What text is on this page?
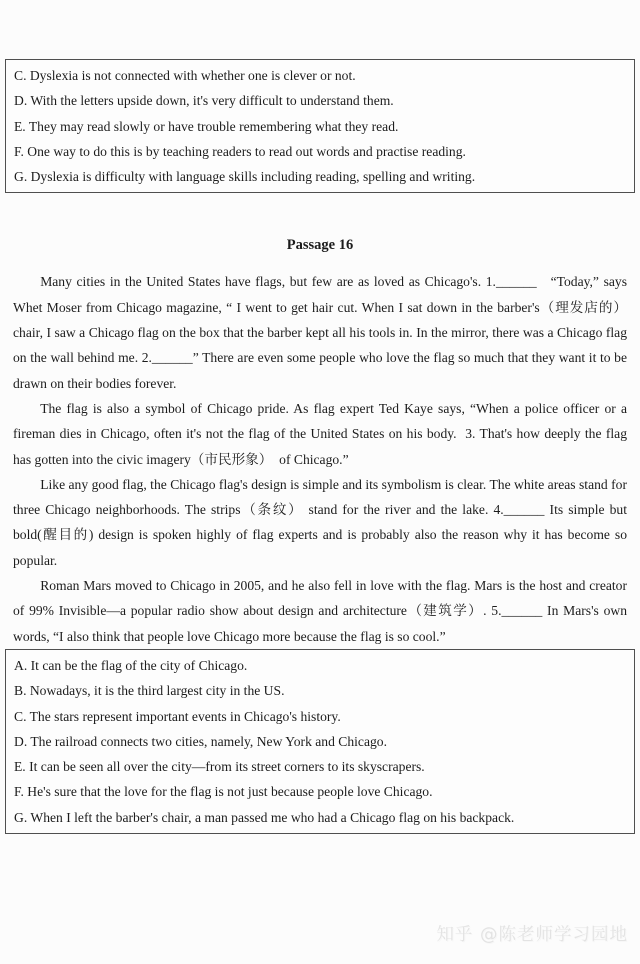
C. Dyslexia is not connected with whether one is clever or not.
D. With the letters upside down, it's very difficult to understand them.
E. They may read slowly or have trouble remembering what they read.
F. One way to do this is by teaching readers to read out words and practise reading.
G. Dyslexia is difficulty with language skills including reading, spelling and writing.
Passage 16

Many cities in the United States have flags, but few are as loved as Chicago's. 1.______   “Today,” says Whet Moser from Chicago magazine, “ I went to get hair cut. When I sat down in the barber's（理发店的） chair, I saw a Chicago flag on the box that the barber kept all his tools in. In the mirror, there was a Chicago flag on the wall behind me. 2.______” There are even some people who love the flag so much that they want it to be drawn on their bodies forever.

The flag is also a symbol of Chicago pride. As flag expert Ted Kaye says, “When a police officer or a fireman dies in Chicago, often it's not the flag of the United States on his body.  3. That's how deeply the flag has gotten into the civic imagery（市民形象）  of Chicago.”

Like any good flag, the Chicago flag's design is simple and its symbolism is clear. The white areas stand for three Chicago neighborhoods. The strips（条纹） stand for the river and the lake. 4.______ Its simple but bold(醒目的) design is spoken highly of flag experts and is probably also the reason why it has become so popular.

Roman Mars moved to Chicago in 2005, and he also fell in love with the flag. Mars is the host and creator of 99% Invisible—a popular radio show about design and architecture（建筑学）. 5.______ In Mars's own words, “I also think that people love Chicago more because the flag is so cool.”

A. It can be the flag of the city of Chicago.
B. Nowadays, it is the third largest city in the US.
C. The stars represent important events in Chicago's history.
D. The railroad connects two cities, namely, New York and Chicago.
E. It can be seen all over the city—from its street corners to its skyscrapers.
F. He's sure that the love for the flag is not just because people love Chicago.
G. When I left the barber's chair, a man passed me who had a Chicago flag on his backpack.
知乎 @陈老师学习园地
